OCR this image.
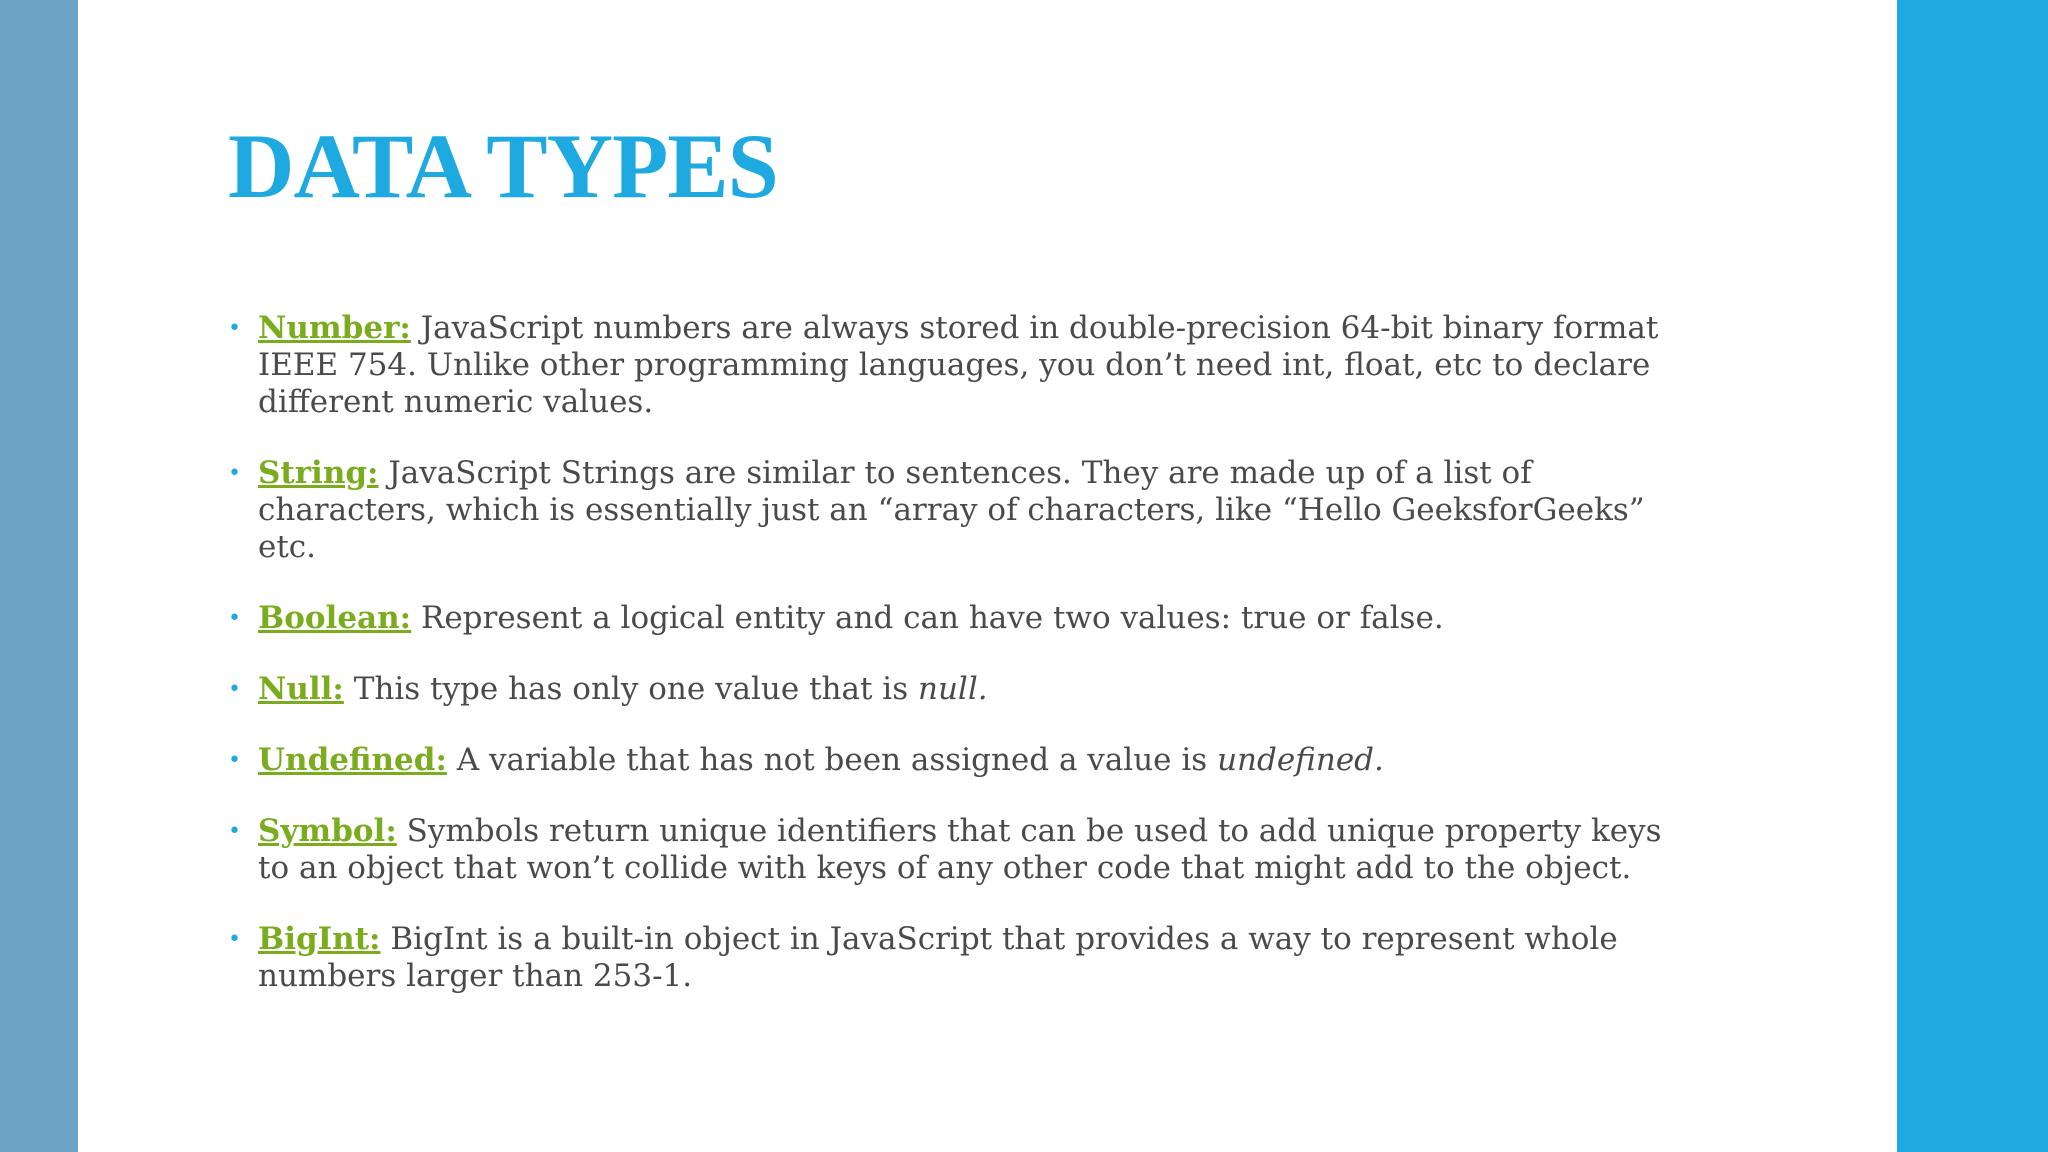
DATA TYPES
• Number: JavaScript numbers are always stored in double-precision 64-bit binary format IEEE 754. Unlike other programming languages, you don’t need int, float, etc to declare different numeric values.
• String: JavaScript Strings are similar to sentences. They are made up of a list of characters, which is essentially just an “array of characters, like “Hello GeeksforGeeks” etc.
• Boolean: Represent a logical entity and can have two values: true or false.
• Null: This type has only one value that is null.
• Undefined: A variable that has not been assigned a value is undefined.
• Symbol: Symbols return unique identifiers that can be used to add unique property keys to an object that won’t collide with keys of any other code that might add to the object.
• BigInt: BigInt is a built-in object in JavaScript that provides a way to represent whole numbers larger than 253-1.
